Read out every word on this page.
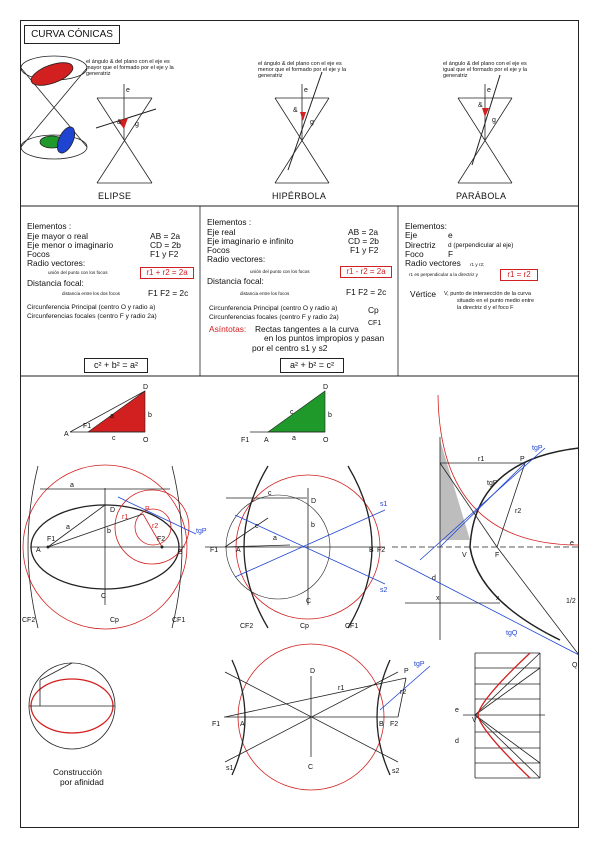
CURVA CÓNICAS
el ángulo & del plano con el eje es mayor que el formado por el eje y la generatriz
el ángulo & del plano con el eje es menor que el formado por el eje y la generatriz
el ángulo & del plano con el eje es igual que el formado por el eje y la generatriz
ELIPSE	HIPÉRBOLA	PARÁBOLA
e
& g
e
&
g
e
&
g
D
b
O
a
c
F1
A
A
F1	F2
B
C
D
b
a
a
P
r1
r2
tgP
CF2	Cp	CF1
D
b
O
c
a
F1 A
F1	A	B F2
D
C
b
c
a
c
s1
s2
CF2	Cp	CF1
r1
r2
P
tgP
tgP
V	F
d
e
x	x	1/2
tgQ
Q
F1	A
D
C
r1
r2
P
tgP
B F2
s1	s2
e
V
d
Elementos :
Eje mayor o real	AB = 2a
Eje menor o imaginario	CD = 2b
Focos	F1 y F2
Radio vectores:
unión del punto con los focos	r1 + r2 = 2a
Distancia focal:
distancia entre los dos focos	F1 F2 = 2c
Circunferencia Principal (centro O y radio a)
Circunferencias focales (centro F y radio 2a)
c² + b² = a²
Elementos :
Eje real	AB = 2a
Eje imaginario e infinito	CD = 2b
Focos	F1 y F2
Radio vectores:
unión del punto con los focos	r1 - r2 = 2a
Distancia focal:
distancia entre los focos	F1 F2 = 2c
Circunferencia Principal (centro O y radio a)
Circunferencias focales (centro F y radio 2a)
Cp
CF1
Asíntotas: Rectas tangentes a la curva
en los puntos impropios y pasan
por el centro s1 y s2
a² + b² = c²
Elementos:
Eje	e
Directriz d (perpendicular al eje)
Foco	F
Radio vectores r1 y r2;
r1 es perpendicular a la directriz y	r1 = r2
Vértice V, punto de intersección de la curva
situado en el punto medio entre
la directriz d y el foco F
Construcción
por afinidad
